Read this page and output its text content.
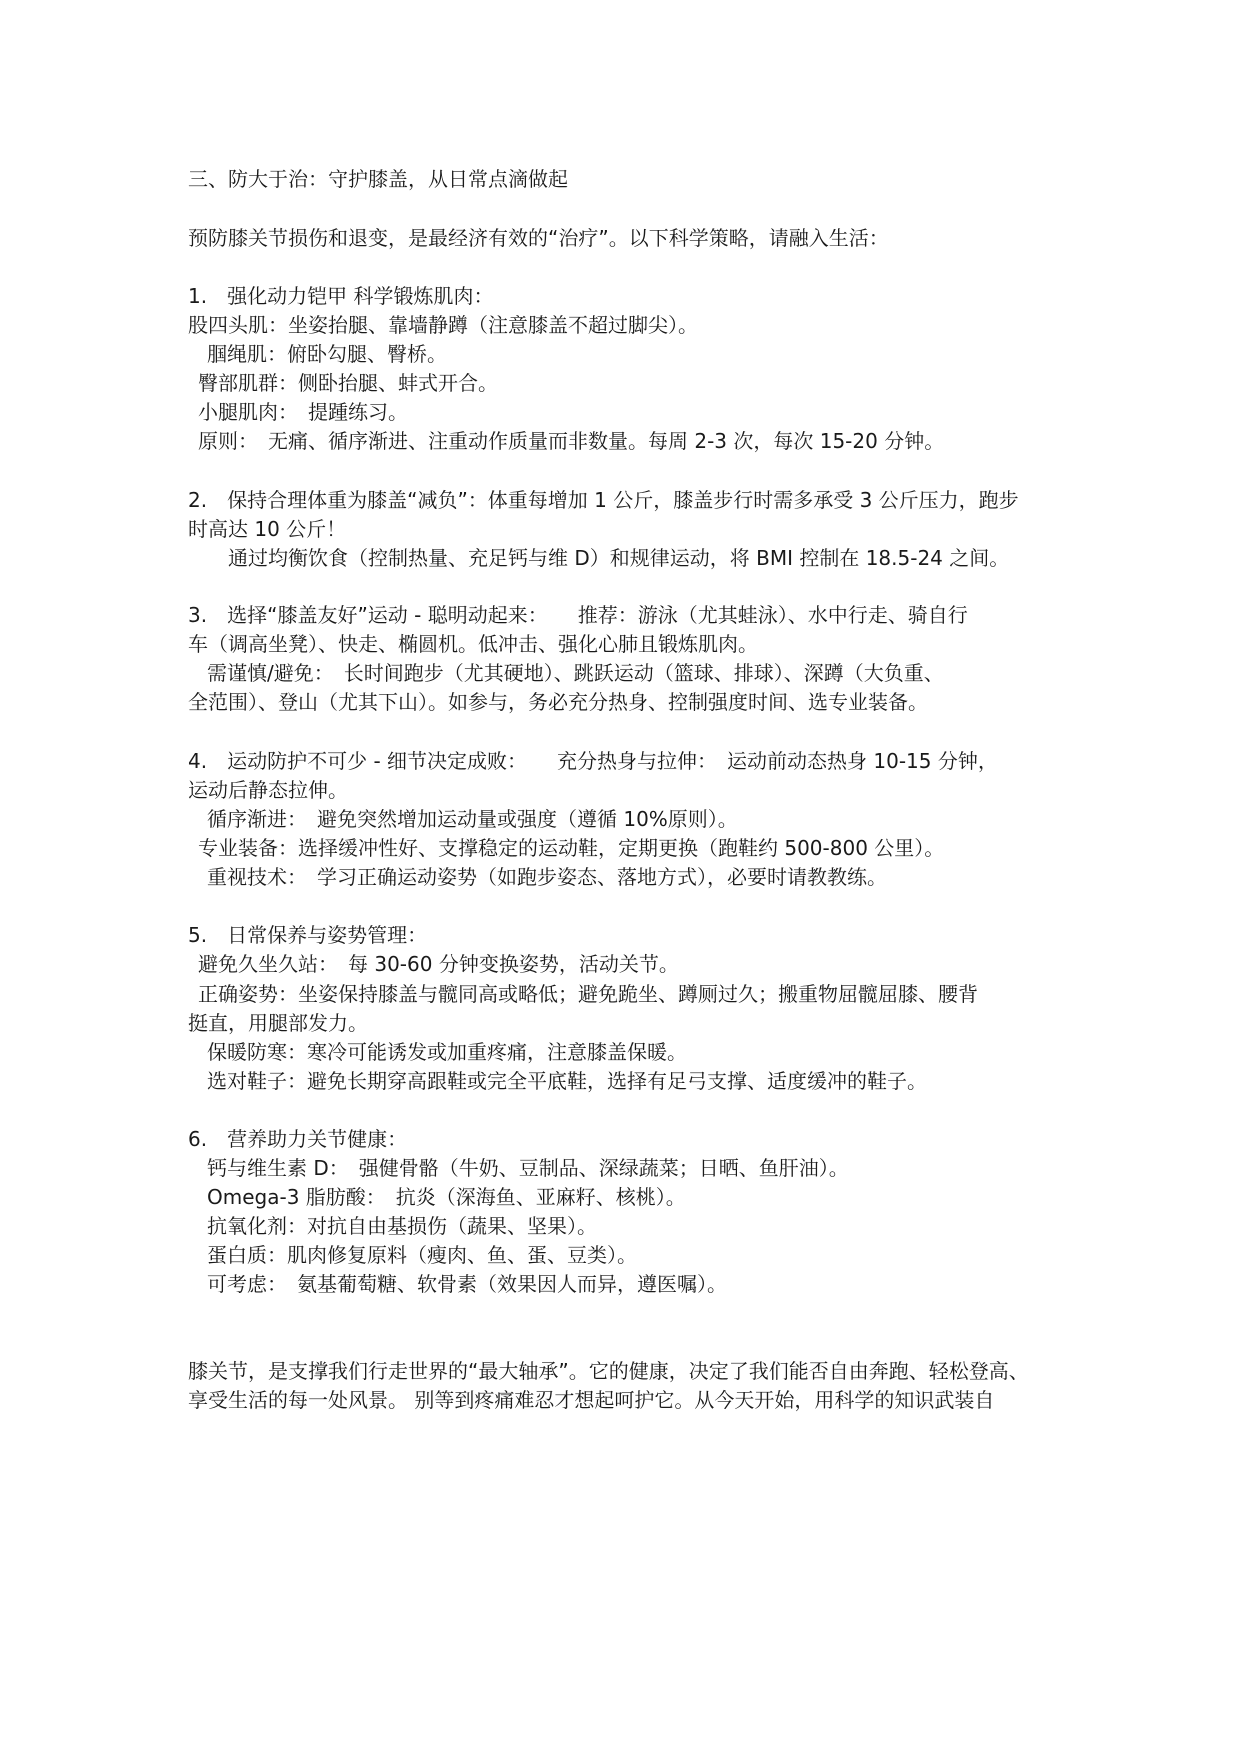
三、防大于治：守护膝盖，从日常点滴做起
预防膝关节损伤和退变，是最经济有效的“治疗”。以下科学策略，请融入生活：
1.　强化动力铠甲 科学锻炼肌肉：
股四头肌：坐姿抬腿、靠墙静蹲（注意膝盖不超过脚尖）。
腘绳肌：俯卧勾腿、臀桥。
臀部肌群：侧卧抬腿、蚌式开合。
小腿肌肉：　提踵练习。
原则：　无痛、循序渐进、注重动作质量而非数量。每周 2-3 次，每次 15-20 分钟。
2.　保持合理体重为膝盖“减负”：体重每增加 1 公斤，膝盖步行时需多承受 3 公斤压力，跑步
时高达 10 公斤！
通过均衡饮食（控制热量、充足钙与维 D）和规律运动，将 BMI 控制在 18.5-24 之间。
3.　选择“膝盖友好”运动 - 聪明动起来：　　推荐：游泳（尤其蛙泳）、水中行走、骑自行
车（调高坐凳）、快走、椭圆机。低冲击、强化心肺且锻炼肌肉。
需谨慎/避免：　长时间跑步（尤其硬地）、跳跃运动（篮球、排球）、深蹲（大负重、
全范围）、登山（尤其下山）。如参与，务必充分热身、控制强度时间、选专业装备。
4.　运动防护不可少 - 细节决定成败：　　充分热身与拉伸：　运动前动态热身 10-15 分钟，
运动后静态拉伸。
循序渐进：　避免突然增加运动量或强度（遵循 10%原则）。
专业装备：选择缓冲性好、支撑稳定的运动鞋，定期更换（跑鞋约 500-800 公里）。
重视技术：　学习正确运动姿势（如跑步姿态、落地方式），必要时请教教练。
5.　日常保养与姿势管理：
避免久坐久站：　每 30-60 分钟变换姿势，活动关节。
正确姿势：坐姿保持膝盖与髋同高或略低；避免跪坐、蹲厕过久；搬重物屈髋屈膝、腰背
挺直，用腿部发力。
保暖防寒：寒冷可能诱发或加重疼痛，注意膝盖保暖。
选对鞋子：避免长期穿高跟鞋或完全平底鞋，选择有足弓支撑、适度缓冲的鞋子。
6.　营养助力关节健康：
钙与维生素 D：　强健骨骼（牛奶、豆制品、深绿蔬菜；日晒、鱼肝油）。
Omega-3 脂肪酸：　抗炎（深海鱼、亚麻籽、核桃）。
抗氧化剂：对抗自由基损伤（蔬果、坚果）。
蛋白质：肌肉修复原料（瘦肉、鱼、蛋、豆类）。
可考虑：　氨基葡萄糖、软骨素（效果因人而异，遵医嘱）。
膝关节，是支撑我们行走世界的“最大轴承”。它的健康，决定了我们能否自由奔跑、轻松登高、
享受生活的每一处风景。 别等到疼痛难忍才想起呵护它。从今天开始，用科学的知识武装自
